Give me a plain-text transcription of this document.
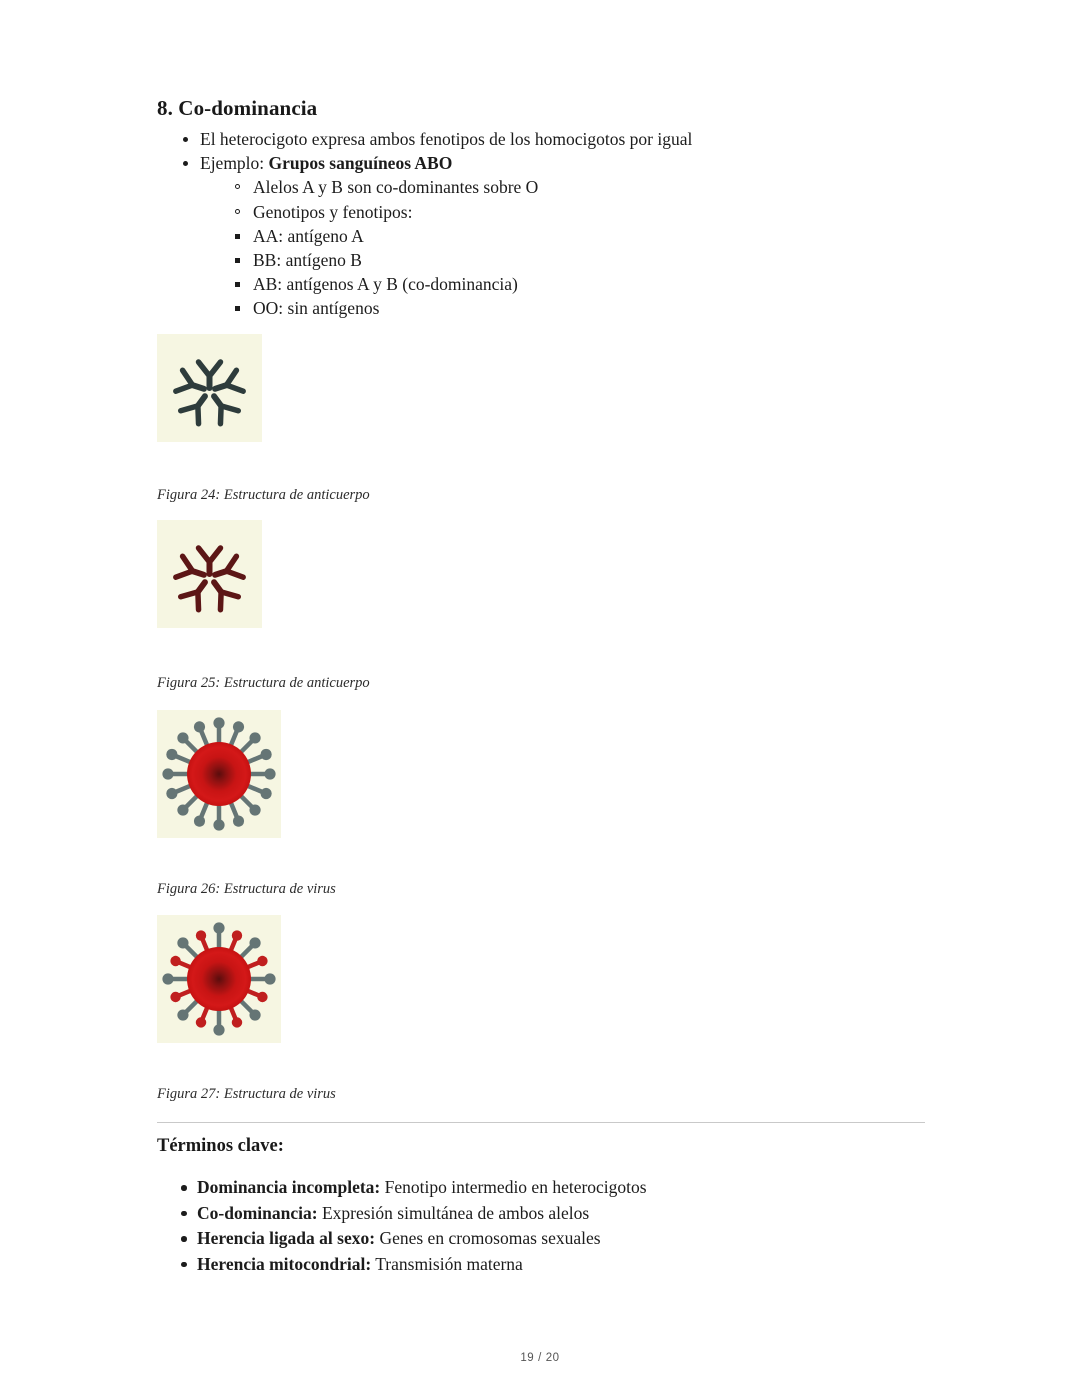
8. Co-dominancia
El heterocigoto expresa ambos fenotipos de los homocigotos por igual
Ejemplo: Grupos sanguíneos ABO
Alelos A y B son co-dominantes sobre O
Genotipos y fenotipos:
AA: antígeno A
BB: antígeno B
AB: antígenos A y B (co-dominancia)
OO: sin antígenos
Figura 24: Estructura de anticuerpo
Figura 25: Estructura de anticuerpo
Figura 26: Estructura de virus
Figura 27: Estructura de virus
Términos clave:
Dominancia incompleta: Fenotipo intermedio en heterocigotos
Co-dominancia: Expresión simultánea de ambos alelos
Herencia ligada al sexo: Genes en cromosomas sexuales
Herencia mitocondrial: Transmisión materna
19 / 20
